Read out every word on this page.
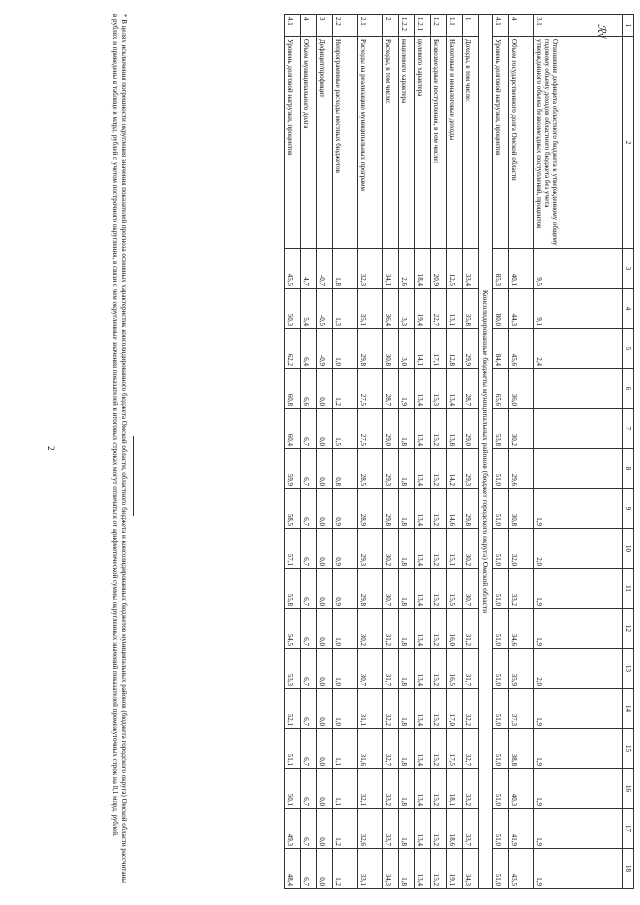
2
ℛ√ 1	2	3	4	5	6	7	8	9	10	11	12	13	14	15	16	17	18
3.1	Отношение дефицита областного бюджета к утвержденному общему годовому объему доходов областного бюджета без учета утвержденного объема безвозмездных поступлений, процентов	9,5	9,1	2,4				1,9	2,0	1,9	1,9	2,0	1,9	1,9	1,9	1,9	1,9
4	Объем государственного долга Омской области	40,1	44,3	45,6	36,0	30,2	29,6	30,8	32,0	33,2	34,6	35,9	37,3	38,8	40,3	41,9	43,5
4.1	Уровень долговой нагрузки, процентов	85,3	80,0	84,4	65,6	53,8	51,0	51,0	51,0	51,0	51,0	51,0	51,0	51,0	51,0	51,0	51,0
Консолидированные бюджеты муниципальных районов (бюджет городского округа) Омской области																	
1	Доходы, в том числе:	33,4	35,8	29,9	28,7	29,0	29,3	29,8	30,2	30,7	31,2	31,7	32,2	32,7	33,2	33,7	34,3
1.1	Налоговые и неналоговые доходы	12,5	13,1	12,8	13,4	13,8	14,2	14,6	15,1	15,5	16,0	16,5	17,0	17,5	18,1	18,6	19,1
1.2	Безвозмездные поступления, в том числе:	20,9	22,7	17,1	15,3	15,2	15,2	15,2	15,2	15,2	15,2	15,2	15,2	15,2	15,2	15,2	15,2
1.2.1	целевого характера	18,4	19,4	14,1	13,4	13,4	13,4	13,4	13,4	13,4	13,4	13,4	13,4	13,4	13,4	13,4	13,4
1.2.2	нецелевого характера	2,6	3,3	3,0	1,9	1,8	1,8	1,8	1,8	1,8	1,8	1,8	1,8	1,8	1,8	1,8	1,8
2	Расходы, в том числе:	34,1	36,4	30,8	28,7	29,0	29,3	29,8	30,2	30,7	31,2	31,7	32,2	32,7	33,2	33,7	34,3
2.1	Расходы на реализацию муниципальных программ	32,3	35,1	29,8	27,5	27,5	28,5	28,9	29,3	29,8	30,2	30,7	31,1	31,6	32,1	32,6	33,1
2.2	Непрограммные расходы местных бюджетов	1,8	1,3	1,0	1,2	1,5	0,8	0,9	0,9	0,9	1,0	1,0	1,0	1,1	1,1	1,2	1,2
3	Дефицит/профицит	-0,7	-0,5	-0,9	0,0	0,0	0,0	0,0	0,0	0,0	0,0	0,0	0,0	0,0	0,0	0,0	0,0
4	Объем муниципального долга	4,7	5,4	6,4	6,6	6,7	6,7	6,7	6,7	6,7	6,7	6,7	6,7	6,7	6,7	6,7	6,7
4.1	Уровень долговой нагрузки, процентов	45,5	50,3	62,2	60,8	60,4	59,9	58,5	57,1	55,8	54,5	53,3	52,1	51,1	50,1	49,3	48,4
* В целях исключения погрешности округления значения показателей прогноза основных характеристик консолидированного бюджета Омской области, областного бюджета и консолидированных бюджетов муниципальных районов (бюджета городского округа) Омской области рассчитаны в рублях и приведены в таблице в млрд. рублей с учетом построчного округления, в связи с чем округленные значения показателей в итоговых строках могут отличаться от арифметической суммы округленных значений показателей промежуточных строк на 0,1 млрд. рублей.
